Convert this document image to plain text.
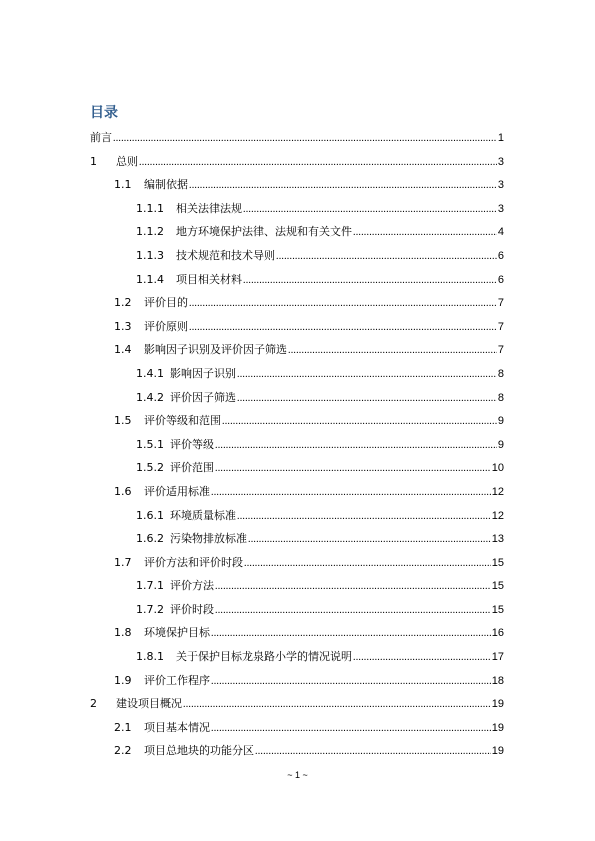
目录
前言 .....	1
1	总则 .....	3
1.1	编制依据 .....	3
1.1.1	相关法律法规 .....	3
1.1.2	地方环境保护法律、法规和有关文件 .....	4
1.1.3	技术规范和技术导则 .....	6
1.1.4	项目相关材料 .....	6
1.2	评价目的 .....	7
1.3	评价原则 .....	7
1.4	影响因子识别及评价因子筛选 .....	7
1.4.1 影响因子识别 .....	8
1.4.2 评价因子筛选 .....	8
1.5	评价等级和范围 .....	9
1.5.1 评价等级 .....	9
1.5.2 评价范围 .....	10
1.6	评价适用标准 .....	12
1.6.1 环境质量标准 .....	12
1.6.2 污染物排放标准 .....	13
1.7	评价方法和评价时段 .....	15
1.7.1 评价方法 .....	15
1.7.2 评价时段 .....	15
1.8	环境保护目标 .....	16
1.8.1	关于保护目标龙泉路小学的情况说明 .....	17
1.9	评价工作程序 .....	18
2	建设项目概况 .....	19
2.1	项目基本情况 .....	19
2.2	项目总地块的功能分区 .....	19
~ 1 ~
